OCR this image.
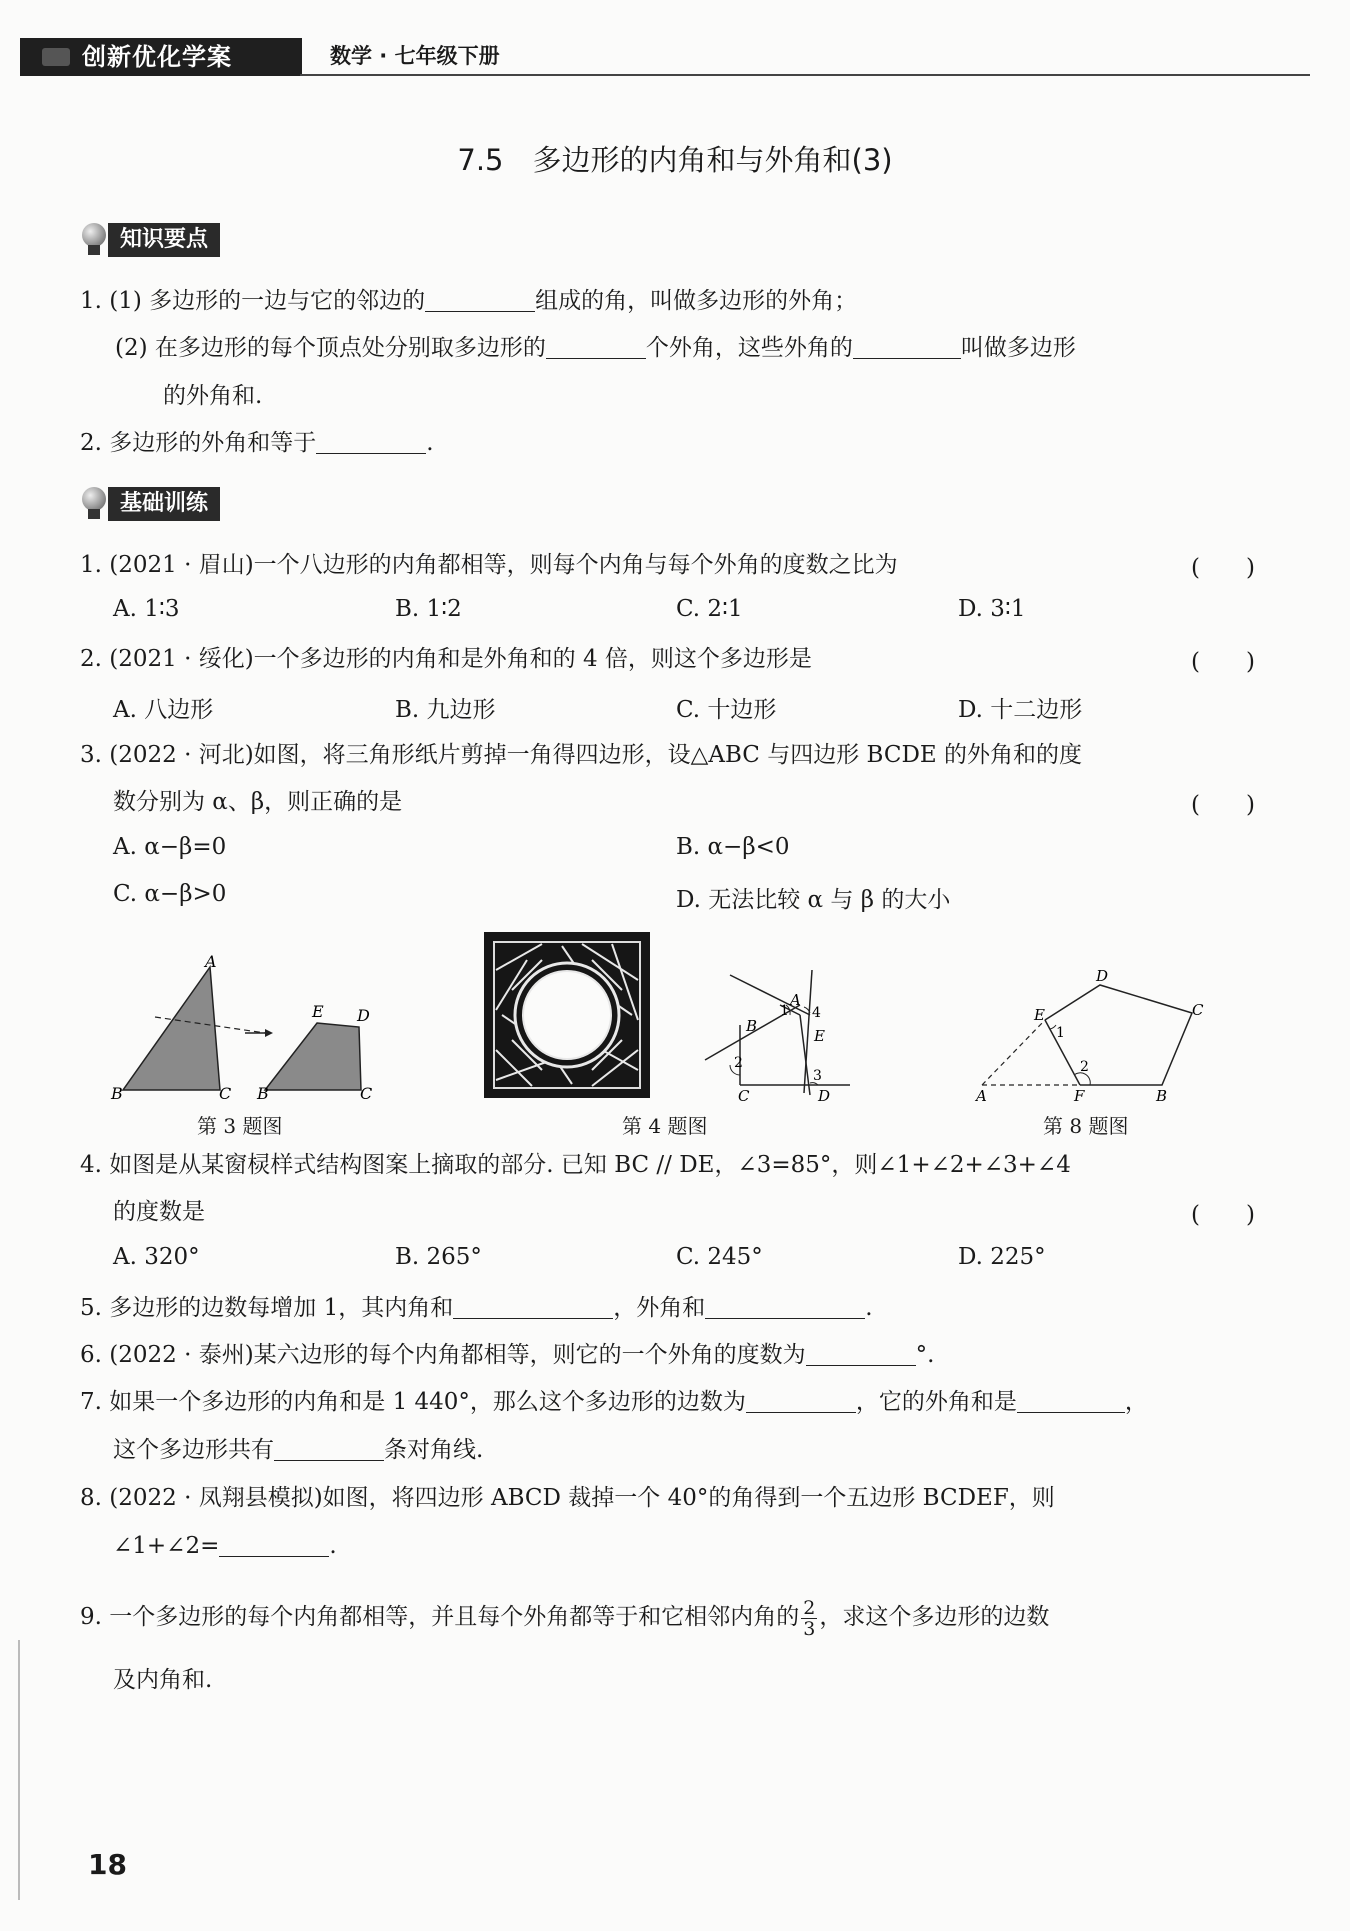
创新优化学案	数学 · 七年级下册
7.5　多边形的内角和与外角和(3)
知识要点
1. (1) 多边形的一边与它的邻边的	组成的角，叫做多边形的外角；
(2) 在多边形的每个顶点处分别取多边形的	个外角，这些外角的	叫做多边形
的外角和.
2. 多边形的外角和等于	.
基础训练
1. (2021 · 眉山)一个八边形的内角都相等，则每个内角与每个外角的度数之比为	(　　)
A. 1∶3	B. 1∶2	C. 2∶1	D. 3∶1
2. (2021 · 绥化)一个多边形的内角和是外角和的 4 倍，则这个多边形是	(　　)
A. 八边形	B. 九边形	C. 十边形	D. 十二边形
3. (2022 · 河北)如图，将三角形纸片剪掉一角得四边形，设△ABC 与四边形 BCDE 的外角和的度
数分别为 α、β，则正确的是	(　　)
A. α−β=0	B. α−β<0
C. α−β>0	D. 无法比较 α 与 β 的大小
A
B	C
E D
B	C
第 3 题图	第 4 题图
A
B
1 4
E
2
3
C	D
D
C
E
1
2
A	F	B
第 8 题图
4. 如图是从某窗棂样式结构图案上摘取的部分. 已知 BC // DE，∠3=85°，则∠1+∠2+∠3+∠4
的度数是	(　　)
A. 320°	B. 265°	C. 245°	D. 225°
5. 多边形的边数每增加 1，其内角和	，外角和	.
6. (2022 · 泰州)某六边形的每个内角都相等，则它的一个外角的度数为	°.
7. 如果一个多边形的内角和是 1 440°，那么这个多边形的边数为	，它的外角和是	，
这个多边形共有	条对角线.
8. (2022 · 凤翔县模拟)如图，将四边形 ABCD 裁掉一个 40°的角得到一个五边形 BCDEF，则
∠1+∠2=	.
9. 一个多边形的每个内角都相等，并且每个外角都等于和它相邻内角的 $\frac{2}{3}$ ，求这个多边形的边数
及内角和.
18
